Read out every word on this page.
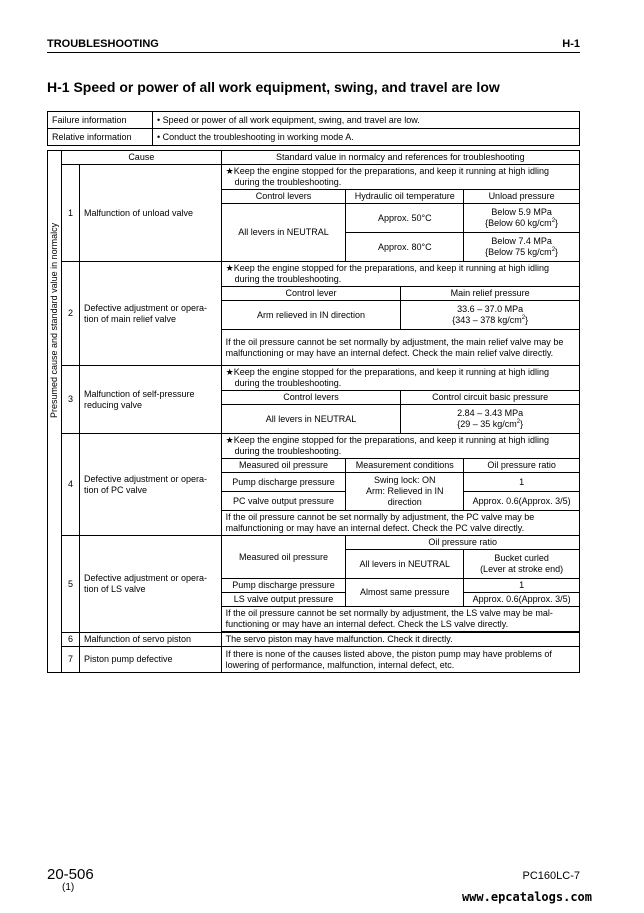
TROUBLESHOOTING	H-1
H-1 Speed or power of all work equipment, swing, and travel are low
Failure information	• Speed or power of all work equipment, swing, and travel are low.
Relative information	• Conduct the troubleshooting in working mode A.
Presumed cause and standard value in normalcy	Cause		Standard value in normalcy and references for troubleshooting			
	1	Malfunction of unload valve	★Keep the engine stopped for the preparations, and keep it running at high idling during the troubleshooting.			
			Control levers	Hydraulic oil temperature		Unload pressure
			All levers in NEUTRAL	Approx. 50°C		Below 5.9 MPa
{Below 60 $kg/cm^2$}
				Approx. 80°C		Below 7.4 MPa
{Below 75 $kg/cm^2$}
	2	Defective adjustment or opera-tion of main relief valve	★Keep the engine stopped for the preparations, and keep it running at high idling during the troubleshooting.			
			Control lever		Main relief pressure	
			Arm relieved in IN direction		33.6 – 37.0 MPa
{343 – 378 $kg/cm^2$}	
			If the oil pressure cannot be set normally by adjustment, the main relief valve may be malfunctioning or may have an internal defect. Check the main relief valve directly.			
	3	Malfunction of self-pressure reducing valve	★Keep the engine stopped for the preparations, and keep it running at high idling during the troubleshooting.			
			Control levers		Control circuit basic pressure	
			All levers in NEUTRAL		2.84 – 3.43 MPa
{29 – 35 $kg/cm^2$}	
	4	Defective adjustment or opera-tion of PC valve	★Keep the engine stopped for the preparations, and keep it running at high idling during the troubleshooting.			
			Measured oil pressure	Measurement conditions		Oil pressure ratio
			Pump discharge pressure	Swing lock: ON
Arm: Relieved in IN direction		1
			PC valve output pressure			Approx. 0.6(Approx. 3/5)
			If the oil pressure cannot be set normally by adjustment, the PC valve may be malfunctioning or may have an internal defect. Check the PC valve directly.			
	5	Defective adjustment or opera-tion of LS valve	Measured oil pressure	Oil pressure ratio		
				All levers in NEUTRAL		Bucket curled
(Lever at stroke end)
			Pump discharge pressure	Almost same pressure		1
			LS valve output pressure			Approx. 0.6(Approx. 3/5)
			If the oil pressure cannot be set normally by adjustment, the LS valve may be mal-functioning or may have an internal defect. Check the LS valve directly.			

	6	Malfunction of servo piston	The servo piston may have malfunction. Check it directly.			
	7	Piston pump defective	If there is none of the causes listed above, the piston pump may have problems of lowering of performance, malfunction, internal defect, etc.			
20-506
(1)
PC160LC-7
www.epcatalogs.com
